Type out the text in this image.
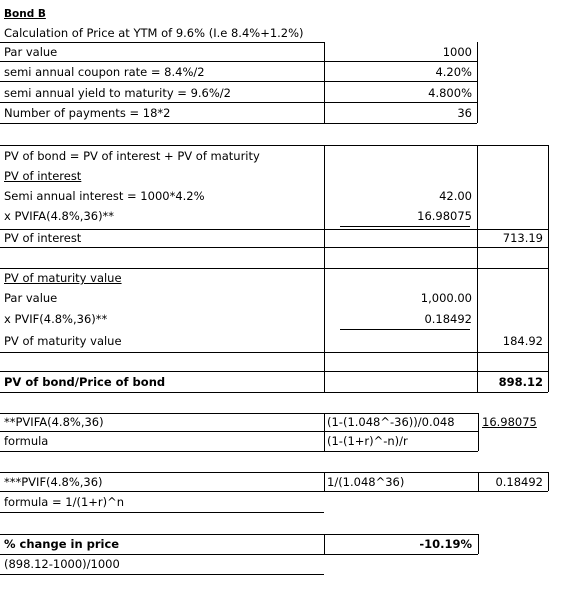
Bond B
Calculation of Price at YTM of 9.6% (I.e 8.4%+1.2%)
Par value	1000
semi annual coupon rate = 8.4%/2	4.20%
semi annual yield to maturity = 9.6%/2	4.800%
Number of payments = 18*2	36
PV of bond = PV of interest + PV of maturity
PV of interest
Semi annual interest = 1000*4.2%	42.00
x PVIFA(4.8%,36)**	16.98075
PV of interest	713.19
PV of maturity value
Par value	1,000.00
x PVIF(4.8%,36)**	0.18492
PV of maturity value	184.92
PV of bond/Price of bond	898.12
**PVIFA(4.8%,36)	(1-(1.048^-36))/0.048 16.98075
formula	(1-(1+r)^-n)/r
***PVIF(4.8%,36)	1/(1.048^36)	0.18492
formula = 1/(1+r)^n
% change in price	-10.19%
(898.12-1000)/1000
